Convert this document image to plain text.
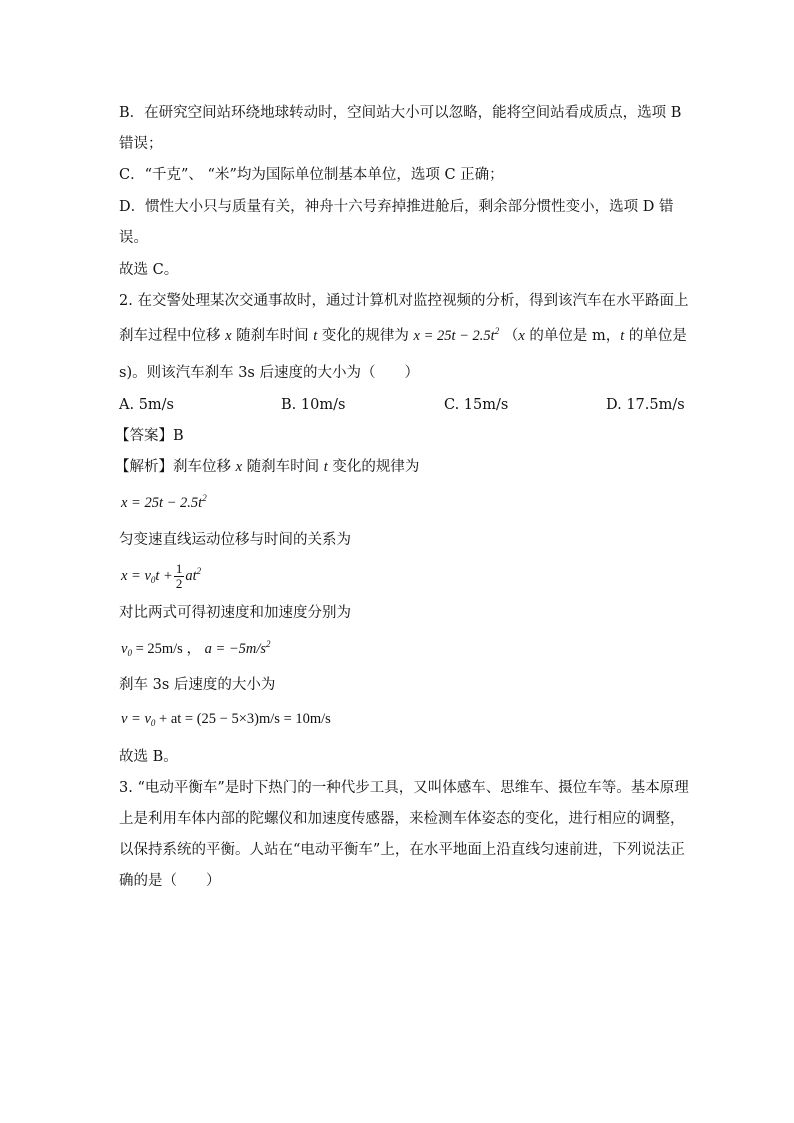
B．在研究空间站环绕地球转动时，空间站大小可以忽略，能将空间站看成质点，选项 B
错误；
C．“千克”、 “米”均为国际单位制基本单位，选项 C 正确；
D．惯性大小只与质量有关，神舟十六号弃掉推进舱后，剩余部分惯性变小，选项 D 错
误。
故选 C。
2. 在交警处理某次交通事故时，通过计算机对监控视频的分析，得到该汽车在水平路面上
刹车过程中位移 x 随刹车时间 t 变化的规律为 $x = 25t - 2.5t^2$ （x 的单位是 m，t 的单位是
s)。则该汽车刹车 3s 后速度的大小为（　　）
A. 5m/s	B. 10m/s	C. 15m/s	D. 17.5m/s
【答案】B
【解析】刹车位移 x 随刹车时间 t 变化的规律为
$x = 25t - 2.5t^2$
匀变速直线运动位移与时间的关系为
$x = v_0t + \frac{1}{2} at^2$
对比两式可得初速度和加速度分别为
$v_0 = 25m/s$ ， $a = -5m/s^2$
刹车 3s 后速度的大小为
$v = v_0$ + at = (25 − 5×3)m/s = 10m/s
故选 B。
3. “电动平衡车”是时下热门的一种代步工具，又叫体感车、思维车、摄位车等。基本原理
上是利用车体内部的陀螺仪和加速度传感器，来检测车体姿态的变化，进行相应的调整，
以保持系统的平衡。人站在“电动平衡车”上，在水平地面上沿直线匀速前进，下列说法正
确的是（　　）
